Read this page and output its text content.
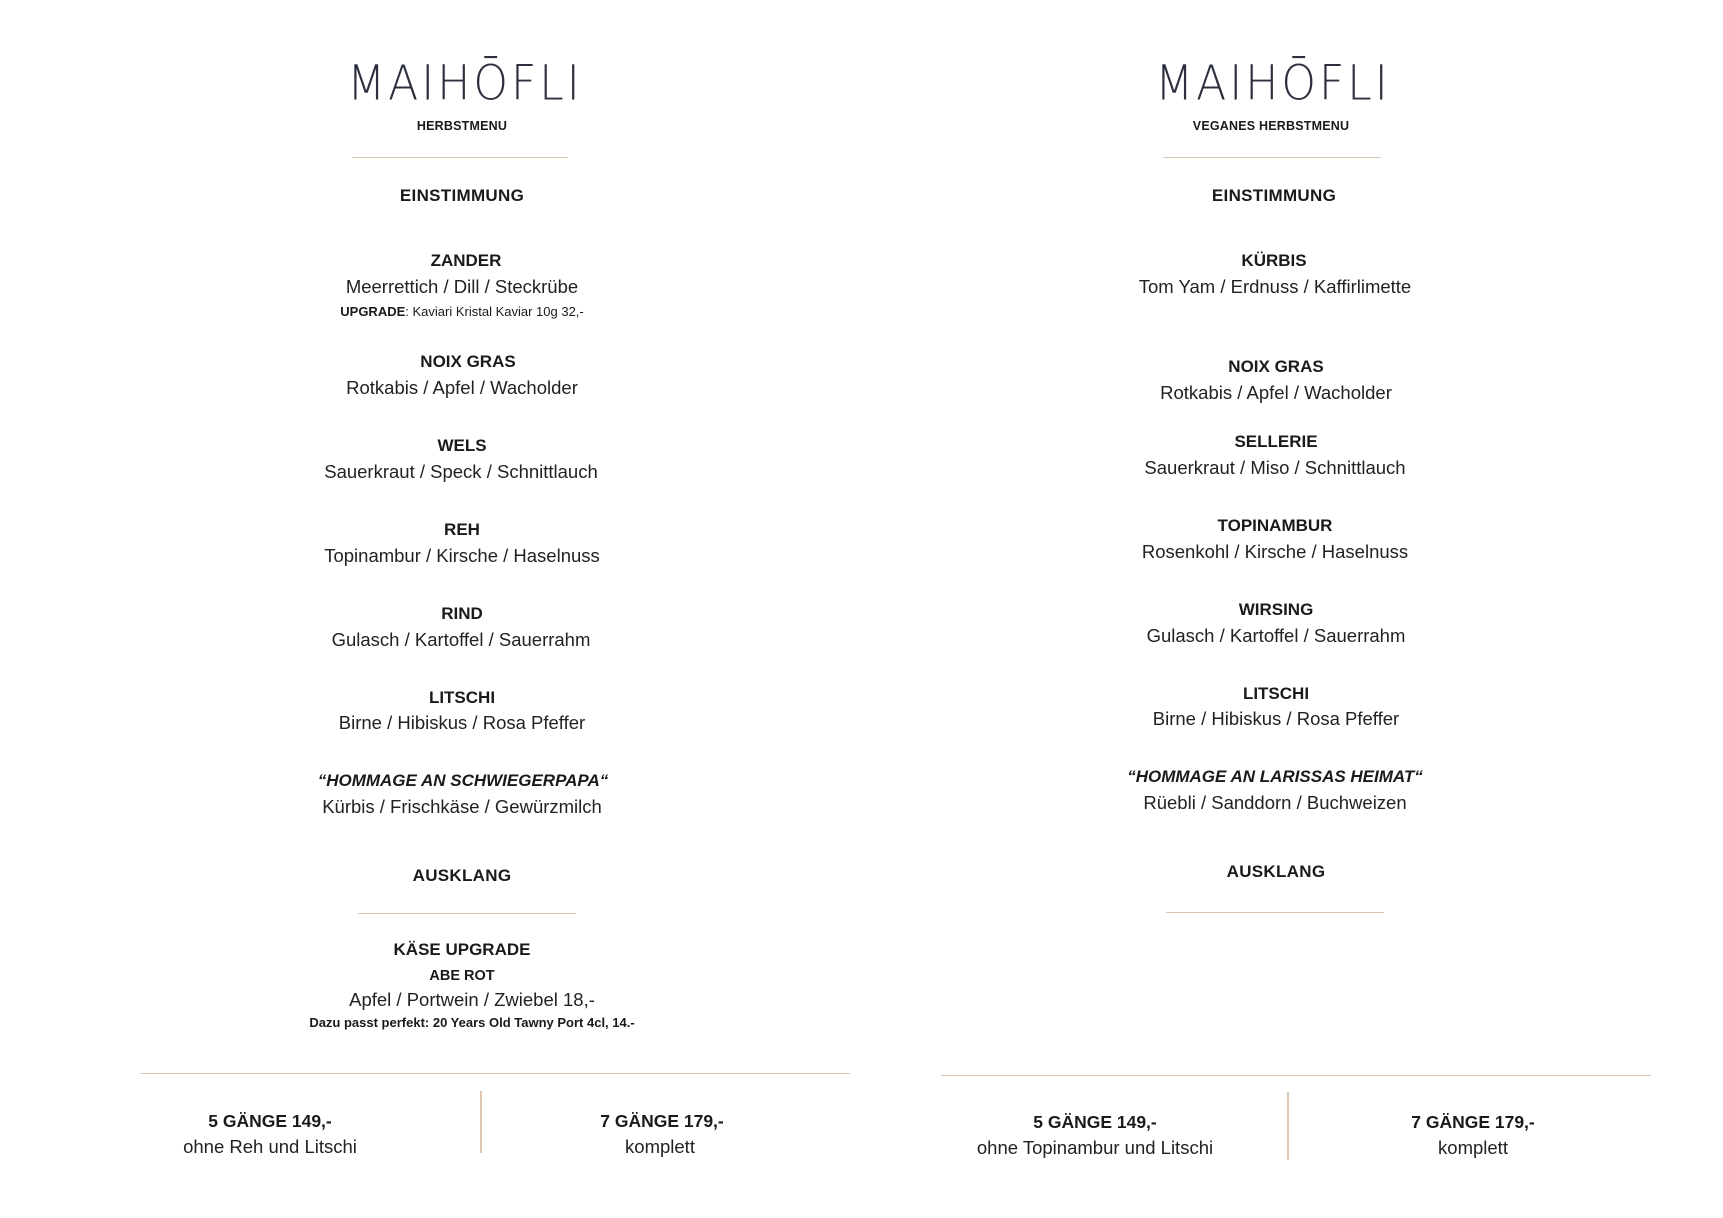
MAIHŌFLI
HERBSTMENU
EINSTIMMUNG
ZANDER
Meerrettich / Dill / Steckrübe
UPGRADE: Kaviari Kristal Kaviar 10g 32,-
NOIX GRAS
Rotkabis / Apfel / Wacholder
WELS
Sauerkraut / Speck / Schnittlauch
REH
Topinambur / Kirsche / Haselnuss
RIND
Gulasch / Kartoffel / Sauerrahm
LITSCHI
Birne / Hibiskus / Rosa Pfeffer
“HOMMAGE AN SCHWIEGERPAPA“
Kürbis / Frischkäse / Gewürzmilch
AUSKLANG
KÄSE UPGRADE
ABE ROT
Apfel / Portwein / Zwiebel 18,-
Dazu passt perfekt: 20 Years Old Tawny Port 4cl, 14.-
5 GÄNGE 149,-
ohne Reh und Litschi
7 GÄNGE 179,-
komplett
MAIHŌFLI
VEGANES HERBSTMENU
EINSTIMMUNG
KÜRBIS
Tom Yam / Erdnuss / Kaffirlimette
NOIX GRAS
Rotkabis / Apfel / Wacholder
SELLERIE
Sauerkraut / Miso / Schnittlauch
TOPINAMBUR
Rosenkohl / Kirsche / Haselnuss
WIRSING
Gulasch / Kartoffel / Sauerrahm
LITSCHI
Birne / Hibiskus / Rosa Pfeffer
“HOMMAGE AN LARISSAS HEIMAT“
Rüebli / Sanddorn / Buchweizen
AUSKLANG
5 GÄNGE 149,-
ohne Topinambur und Litschi
7 GÄNGE 179,-
komplett
